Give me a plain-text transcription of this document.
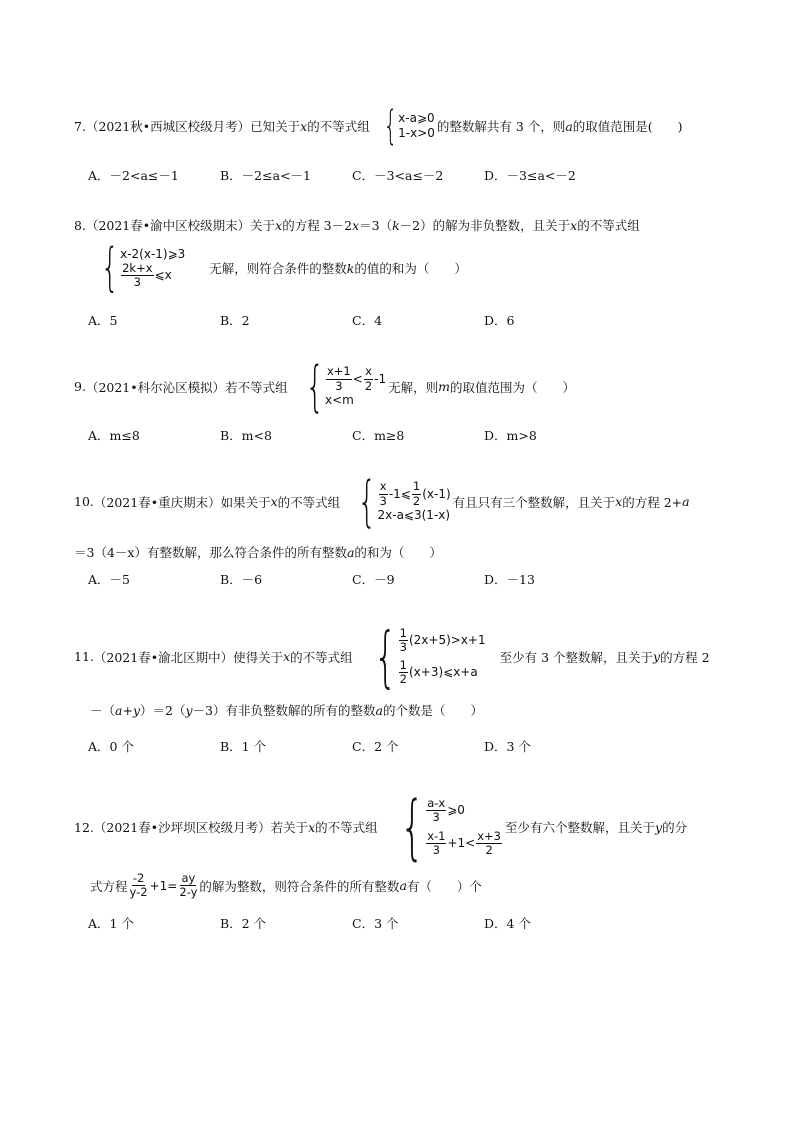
7. （2021秋•西城区校级月考）已知关于 x 的不等式组 { x-a⩾0
1-x>0 的整数解共有 3 个，则 a 的取值范围是(　　)
A．－2<a≤－1	B．－2≤a<－1	C．－3<a≤－2	D．－3≤a<－2
8. （2021春•渝中区校级期末）关于 x 的方程 3－2 x ＝3（ k －2）的解为非负整数，且关于 x 的不等式组
{ x-2(x-1)⩾3
$\frac{2k+x}{3}$ ⩽x	无解，则符合条件的整数 k 的值的和为（　　）
A．5	B．2	C．4	D．6
9. （2021•科尔沁区模拟）若不等式组 { $\frac{x+1}{3} < \frac{x}{2} -1$
x<m
无解，则 m 的取值范围为（　　）
A．m≤8	B．m<8	C．m≥8	D．m>8
10. （2021春•重庆期末）如果关于 x 的不等式组 { $\frac{x}{3}$ -1⩽ $\frac{1}{2} (x-1)$
2x-a⩽3(1-x)
有且只有三个整数解，且关于 x 的方程 2+ a
＝3（4－x）有整数解，那么符合条件的所有整数 a 的和为（　　）
A．－5	B．－6	C．－9	D．－13
11. （2021春•渝北区期中）使得关于 x 的不等式组 { $\frac{1}{3} (2x+5)>x+1$
$\frac{1}{2}$ (x+3)⩽x+a
至少有 3 个整数解，且关于 y 的方程 2
－（ a+y ）＝2（ y －3）有非负整数解的所有的整数 a 的个数是（　　）
A．0 个	B．1 个	C．2 个	D．3 个
12. （2021春•沙坪坝区校级月考）若关于 x 的不等式组 { $\frac{a-x}{3}$ ⩾0
$\frac{x-1}{3} +1< \frac{x+3}{2}$
至少有六个整数解，且关于 y 的分
式方程 $\frac{-2}{y-2} +1= \frac{ay}{2-y}$ 的解为整数，则符合条件的所有整数 a 有（　　）个
A．1 个	B．2 个	C．3 个	D．4 个
